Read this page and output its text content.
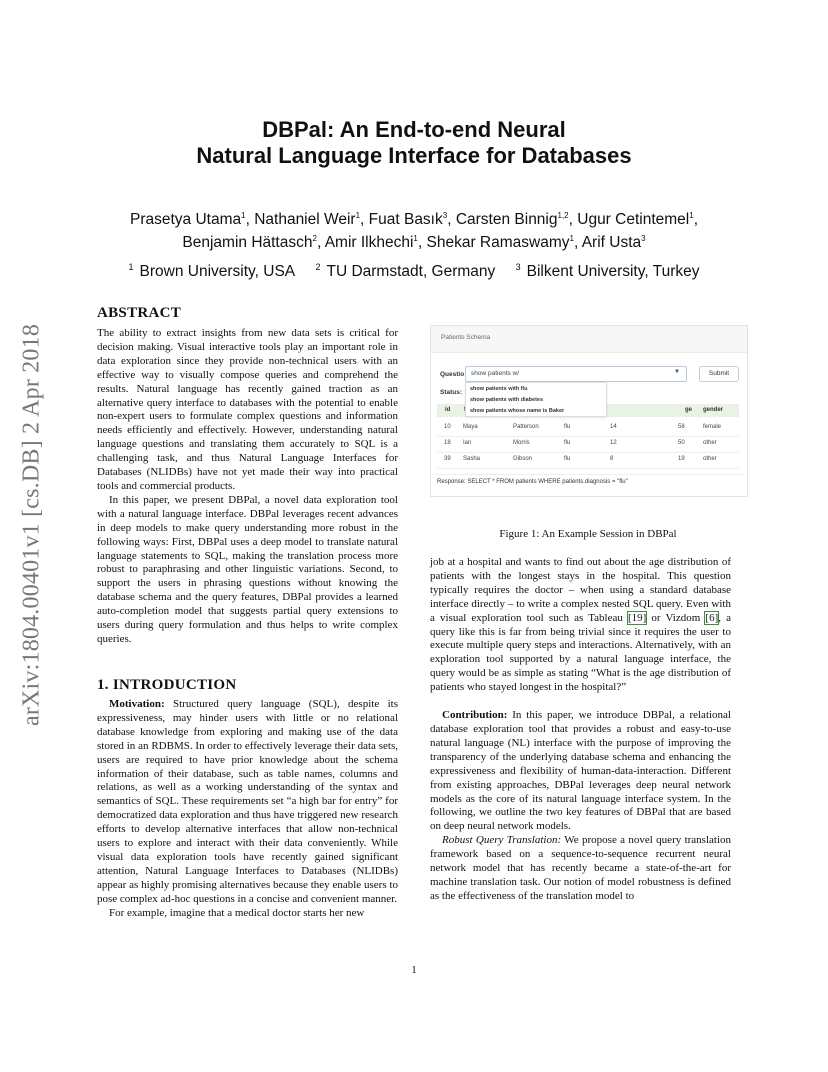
arXiv:1804.00401v1 [cs.DB] 2 Apr 2018
DBPal: An End-to-end Neural
Natural Language Interface for Databases
Prasetya Utama$^1$, Nathaniel Weir$^1$, Fuat Basık$^3$, Carsten Binnig$^{1,2}$, Ugur Cetintemel$^1$,
Benjamin Hättasch$^2$, Amir Ilkhechi$^1$, Shekar Ramaswamy$^1$, Arif Usta$^3$
$^1$ Brown University, USA $^2$ TU Darmstadt, Germany $^3$ Bilkent University, Turkey
ABSTRACT

The ability to extract insights from new data sets is critical for decision making. Visual interactive tools play an important role in data exploration since they provide non-technical users with an effective way to visually compose queries and comprehend the results. Natural language has recently gained traction as an alternative query interface to databases with the potential to enable non-expert users to formulate complex questions and information needs efficiently and effectively. However, understanding natural language questions and translating them accurately to SQL is a challenging task, and thus Natural Language Interfaces for Databases (NLIDBs) have not yet made their way into practical tools and commercial products.

In this paper, we present DBPal, a novel data exploration tool with a natural language interface. DBPal leverages recent advances in deep models to make query understanding more robust in the following ways: First, DBPal uses a deep model to translate natural language statements to SQL, making the translation process more robust to paraphrasing and other linguistic variations. Second, to support the users in phrasing questions without knowing the database schema and the query features, DBPal provides a learned auto-completion model that suggests partial query extensions to users during query formulation and thus helps to write complex queries.

1. INTRODUCTION

Motivation: Structured query language (SQL), despite its expressiveness, may hinder users with little or no relational database knowledge from exploring and making use of the data stored in an RDBMS. In order to effectively leverage their data sets, users are required to have prior knowledge about the schema information of their database, such as table names, columns and relations, as well as a working understanding of the syntax and semantics of SQL. These requirements set “a high bar for entry” for democratized data exploration and thus have triggered new research efforts to develop alternative interfaces that allow non-technical users to explore and interact with their data conveniently. While visual data exploration tools have recently gained significant attention, Natural Language Interfaces to Databases (NLIDBs) appear as highly promising alternatives because they enable users to pose complex ad-hoc questions in a concise and convenient manner.

For example, imagine that a medical doctor starts her new

Patients Schema
Questio
Status:
show patients w/	▼	Submit
show patients with flu
show patients with diabetes
show patients whose name is Baker
id	ge gender
10 Maya	Patterson	flu	14	58	female
18 Ian	Morris	flu	12	50	other
39 Sasha	Gibson	flu	8	19	other
Response: SELECT * FROM patients WHERE patients.diagnosis = "flu"
Figure 1: An Example Session in DBPal

job at a hospital and wants to find out about the age distribution of patients with the longest stays in the hospital. This question typically requires the doctor – when using a standard database interface directly – to write a complex nested SQL query. Even with a visual exploration tool such as Tableau [19] or Vizdom [6], a query like this is far from being trivial since it requires the user to execute multiple query steps and interactions. Alternatively, with an exploration tool supported by a natural language interface, the query would be as simple as stating “What is the age distribution of patients who stayed longest in the hospital?”

Contribution: In this paper, we introduce DBPal, a relational database exploration tool that provides a robust and easy-to-use natural language (NL) interface with the purpose of improving the transparency of the underlying database schema and enhancing the expressiveness and flexibility of human-data-interaction. Different from existing approaches, DBPal leverages deep neural network models as the core of its natural language interface system. In the following, we outline the two key features of DBPal that are based on deep neural network models.

Robust Query Translation: We propose a novel query translation framework based on a sequence-to-sequence recurrent neural network model that has recently became a state-of-the-art for machine translation task. Our notion of model robustness is defined as the effectiveness of the translation model to

1
